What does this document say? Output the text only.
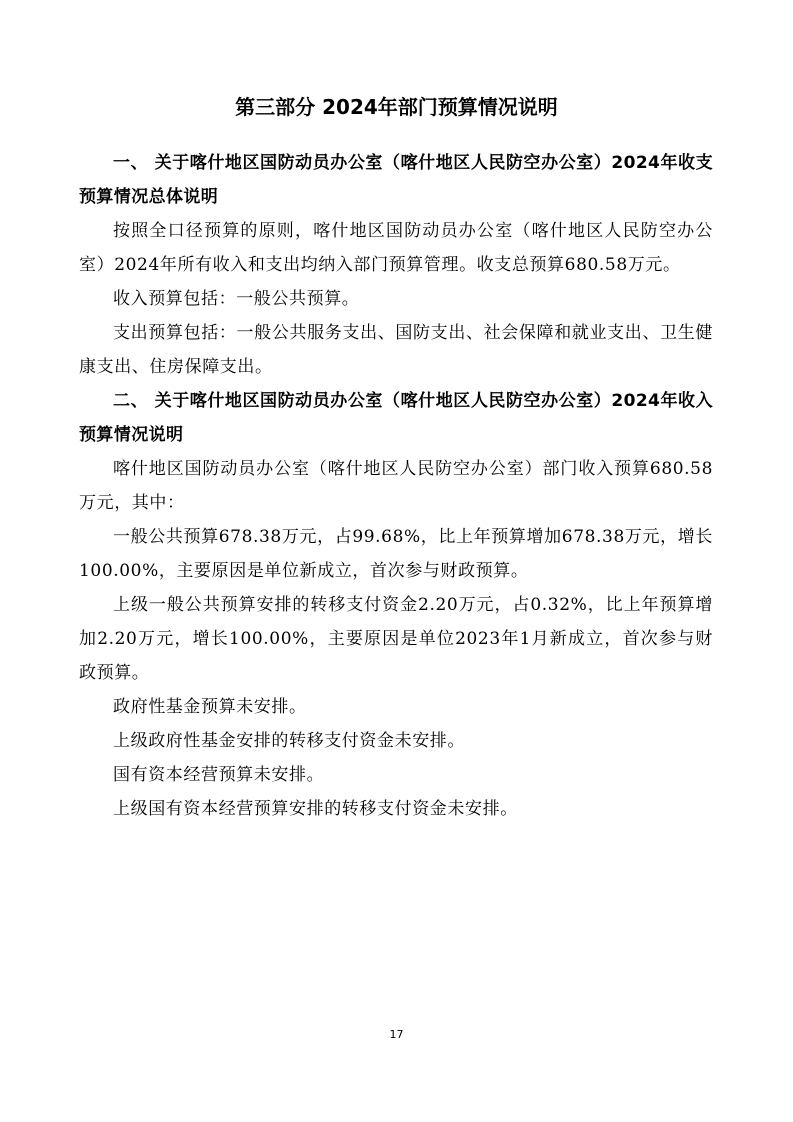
第三部分 2024年部门预算情况说明

一、 关于喀什地区国防动员办公室（喀什地区人民防空办公室）2024年收支预算情况总体说明

按照全口径预算的原则，喀什地区国防动员办公室（喀什地区人民防空办公室）2024年所有收入和支出均纳入部门预算管理。收支总预算680.58万元。

收入预算包括：一般公共预算。

支出预算包括：一般公共服务支出、国防支出、社会保障和就业支出、卫生健康支出、住房保障支出。

二、 关于喀什地区国防动员办公室（喀什地区人民防空办公室）2024年收入预算情况说明

喀什地区国防动员办公室（喀什地区人民防空办公室）部门收入预算680.58万元，其中：

一般公共预算678.38万元，占99.68%，比上年预算增加678.38万元，增长100.00%，主要原因是单位新成立，首次参与财政预算。

上级一般公共预算安排的转移支付资金2.20万元，占0.32%，比上年预算增加2.20万元，增长100.00%，主要原因是单位2023年1月新成立，首次参与财政预算。

政府性基金预算未安排。

上级政府性基金安排的转移支付资金未安排。

国有资本经营预算未安排。

上级国有资本经营预算安排的转移支付资金未安排。

17
